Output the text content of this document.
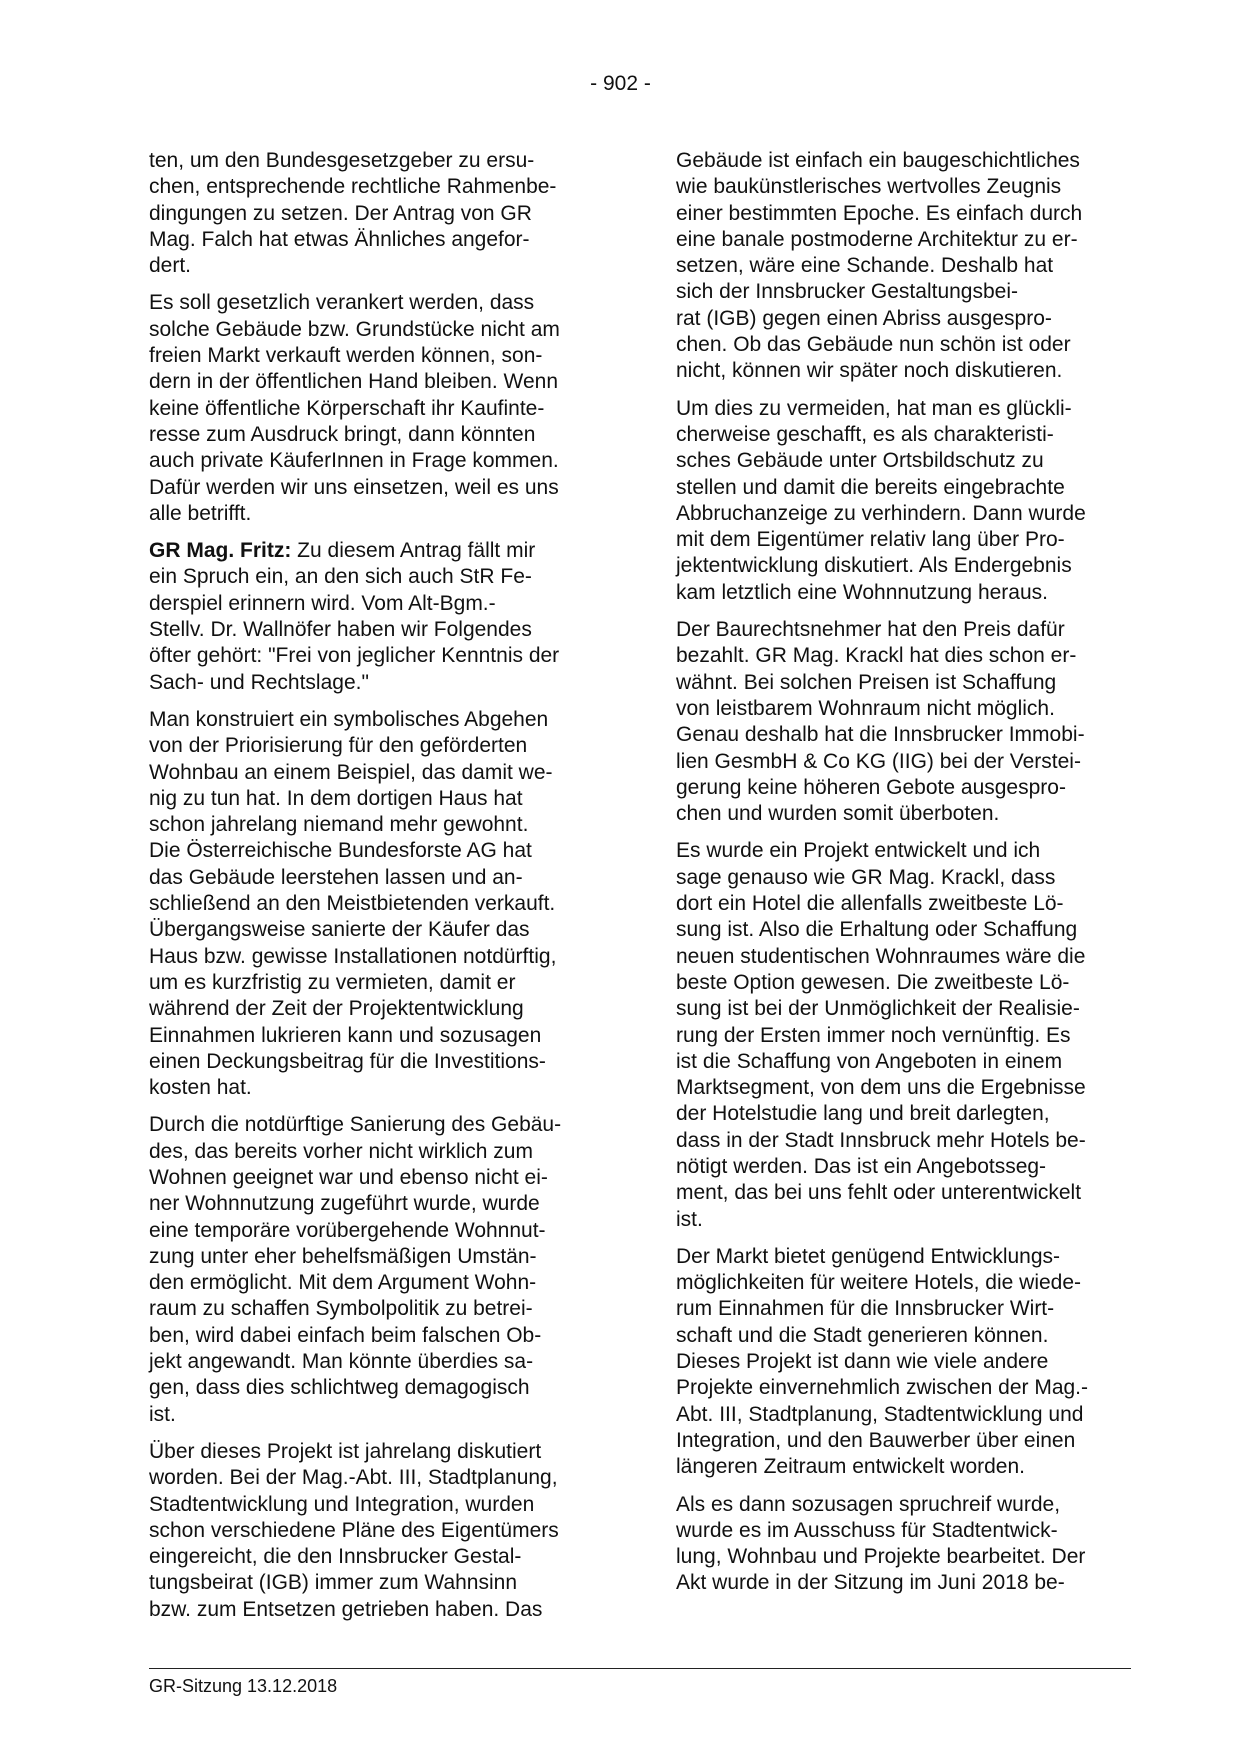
- 902 -

ten, um den Bundesgesetzgeber zu ersu-
chen, entsprechende rechtliche Rahmenbe-
dingungen zu setzen. Der Antrag von GR
Mag. Falch hat etwas Ähnliches angefor-
dert.

Es soll gesetzlich verankert werden, dass
solche Gebäude bzw. Grundstücke nicht am
freien Markt verkauft werden können, son-
dern in der öffentlichen Hand bleiben. Wenn
keine öffentliche Körperschaft ihr Kaufinte-
resse zum Ausdruck bringt, dann könnten
auch private KäuferInnen in Frage kommen.
Dafür werden wir uns einsetzen, weil es uns
alle betrifft.

GR Mag. Fritz: Zu diesem Antrag fällt mir
ein Spruch ein, an den sich auch StR Fe-
derspiel erinnern wird. Vom Alt-Bgm.-
Stellv. Dr. Wallnöfer haben wir Folgendes
öfter gehört: "Frei von jeglicher Kenntnis der
Sach- und Rechtslage."

Man konstruiert ein symbolisches Abgehen
von der Priorisierung für den geförderten
Wohnbau an einem Beispiel, das damit we-
nig zu tun hat. In dem dortigen Haus hat
schon jahrelang niemand mehr gewohnt.
Die Österreichische Bundesforste AG hat
das Gebäude leerstehen lassen und an-
schließend an den Meistbietenden verkauft.
Übergangsweise sanierte der Käufer das
Haus bzw. gewisse Installationen notdürftig,
um es kurzfristig zu vermieten, damit er
während der Zeit der Projektentwicklung
Einnahmen lukrieren kann und sozusagen
einen Deckungsbeitrag für die Investitions-
kosten hat.

Durch die notdürftige Sanierung des Gebäu-
des, das bereits vorher nicht wirklich zum
Wohnen geeignet war und ebenso nicht ei-
ner Wohnnutzung zugeführt wurde, wurde
eine temporäre vorübergehende Wohnnut-
zung unter eher behelfsmäßigen Umstän-
den ermöglicht. Mit dem Argument Wohn-
raum zu schaffen Symbolpolitik zu betrei-
ben, wird dabei einfach beim falschen Ob-
jekt angewandt. Man könnte überdies sa-
gen, dass dies schlichtweg demagogisch
ist.

Über dieses Projekt ist jahrelang diskutiert
worden. Bei der Mag.-Abt. III, Stadtplanung,
Stadtentwicklung und Integration, wurden
schon verschiedene Pläne des Eigentümers
eingereicht, die den Innsbrucker Gestal-
tungsbeirat (IGB) immer zum Wahnsinn
bzw. zum Entsetzen getrieben haben. Das

Gebäude ist einfach ein baugeschichtliches
wie baukünstlerisches wertvolles Zeugnis
einer bestimmten Epoche. Es einfach durch
eine banale postmoderne Architektur zu er-
setzen, wäre eine Schande. Deshalb hat
sich der Innsbrucker Gestaltungsbei-
rat (IGB) gegen einen Abriss ausgespro-
chen. Ob das Gebäude nun schön ist oder
nicht, können wir später noch diskutieren.

Um dies zu vermeiden, hat man es glückli-
cherweise geschafft, es als charakteristi-
sches Gebäude unter Ortsbildschutz zu
stellen und damit die bereits eingebrachte
Abbruchanzeige zu verhindern. Dann wurde
mit dem Eigentümer relativ lang über Pro-
jektentwicklung diskutiert. Als Endergebnis
kam letztlich eine Wohnnutzung heraus.

Der Baurechtsnehmer hat den Preis dafür
bezahlt. GR Mag. Krackl hat dies schon er-
wähnt. Bei solchen Preisen ist Schaffung
von leistbarem Wohnraum nicht möglich.
Genau deshalb hat die Innsbrucker Immobi-
lien GesmbH & Co KG (IIG) bei der Verstei-
gerung keine höheren Gebote ausgespro-
chen und wurden somit überboten.

Es wurde ein Projekt entwickelt und ich
sage genauso wie GR Mag. Krackl, dass
dort ein Hotel die allenfalls zweitbeste Lö-
sung ist. Also die Erhaltung oder Schaffung
neuen studentischen Wohnraumes wäre die
beste Option gewesen. Die zweitbeste Lö-
sung ist bei der Unmöglichkeit der Realisie-
rung der Ersten immer noch vernünftig. Es
ist die Schaffung von Angeboten in einem
Marktsegment, von dem uns die Ergebnisse
der Hotelstudie lang und breit darlegten,
dass in der Stadt Innsbruck mehr Hotels be-
nötigt werden. Das ist ein Angebotsseg-
ment, das bei uns fehlt oder unterentwickelt
ist.

Der Markt bietet genügend Entwicklungs-
möglichkeiten für weitere Hotels, die wiede-
rum Einnahmen für die Innsbrucker Wirt-
schaft und die Stadt generieren können.
Dieses Projekt ist dann wie viele andere
Projekte einvernehmlich zwischen der Mag.-
Abt. III, Stadtplanung, Stadtentwicklung und
Integration, und den Bauwerber über einen
längeren Zeitraum entwickelt worden.

Als es dann sozusagen spruchreif wurde,
wurde es im Ausschuss für Stadtentwick-
lung, Wohnbau und Projekte bearbeitet. Der
Akt wurde in der Sitzung im Juni 2018 be-

GR-Sitzung 13.12.2018
